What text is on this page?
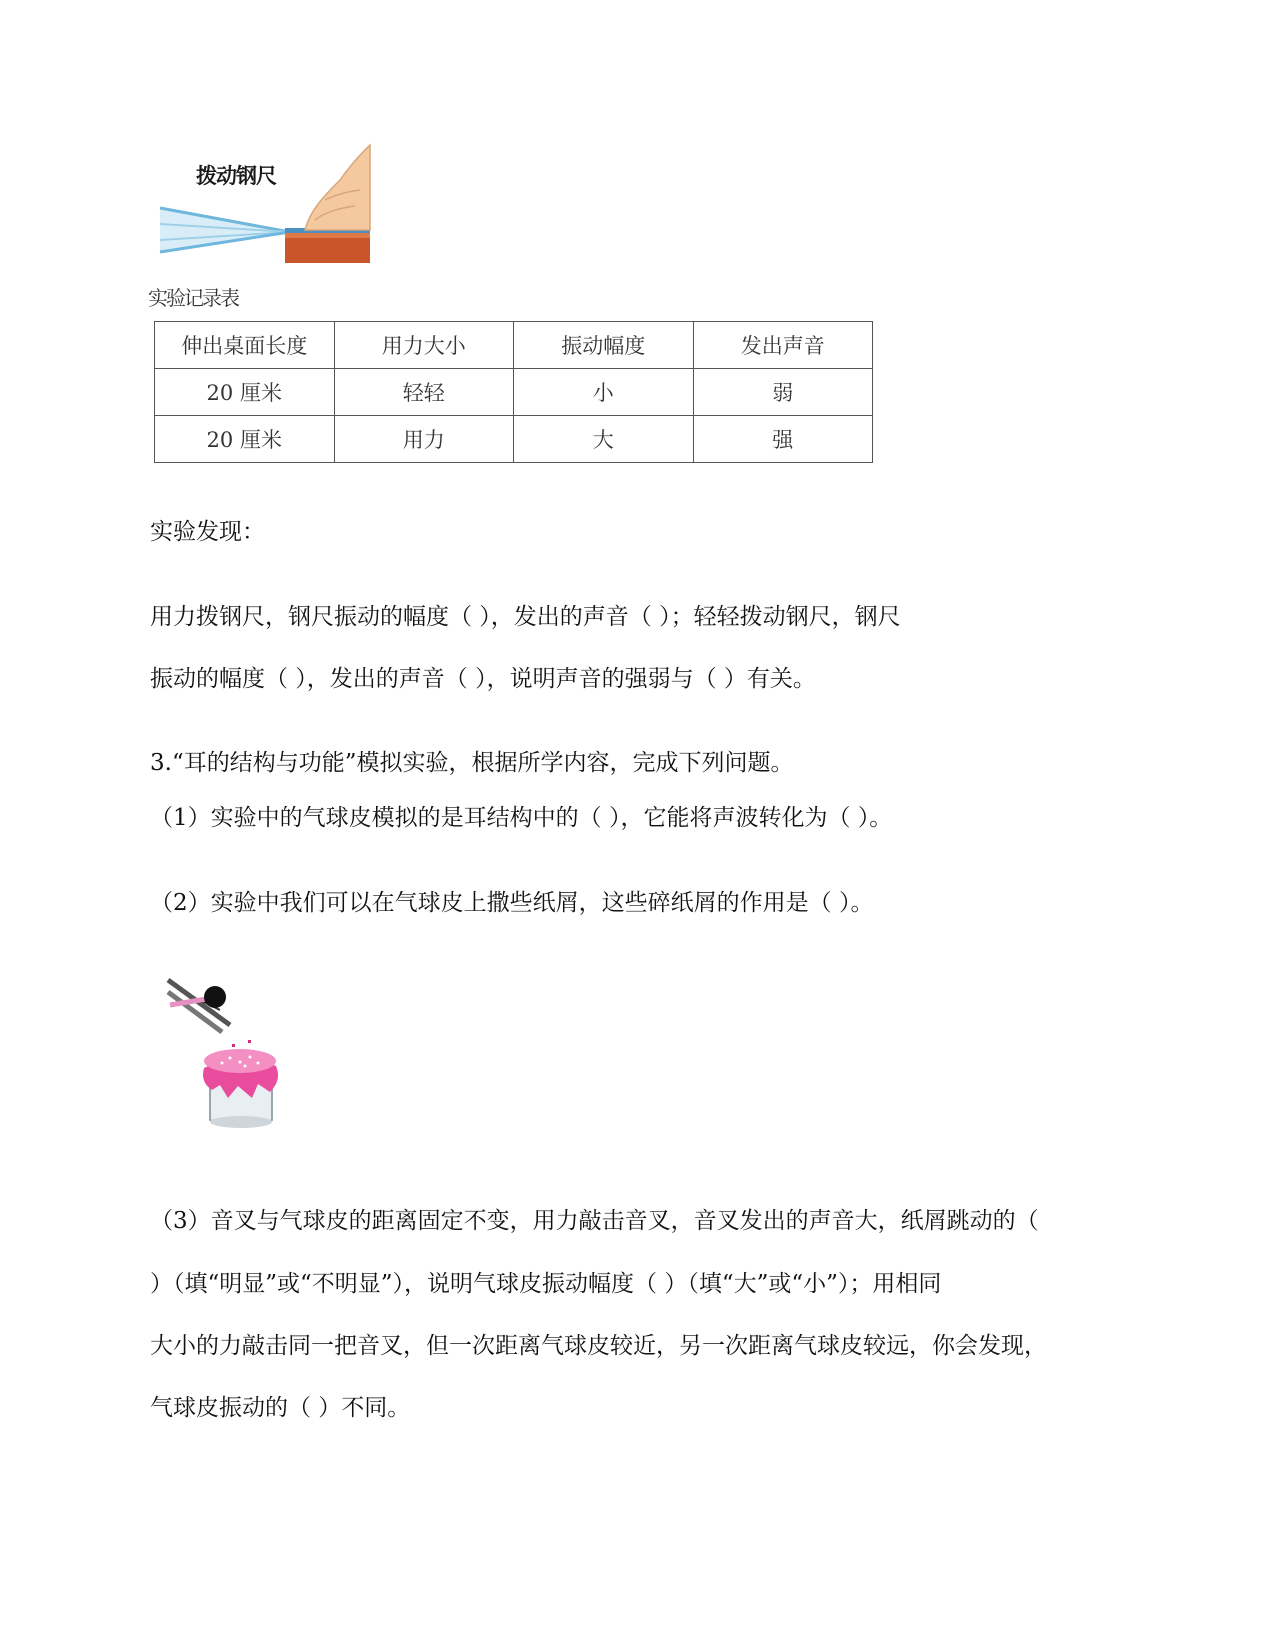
拨动钢尺
实验记录表
伸出桌面长度	用力大小	振动幅度	发出声音
20 厘米	轻轻	小	弱
20 厘米	用力	大	强
实验发现：
用力拨钢尺，钢尺振动的幅度（ ），发出的声音（ ）；轻轻拨动钢尺，钢尺
振动的幅度（ ），发出的声音（ ），说明声音的强弱与（ ）有关。
3.“耳的结构与功能”模拟实验，根据所学内容，完成下列问题。
（1）实验中的气球皮模拟的是耳结构中的（ ），它能将声波转化为（ ）。
（2）实验中我们可以在气球皮上撒些纸屑，这些碎纸屑的作用是（ ）。
（3）音叉与气球皮的距离固定不变，用力敲击音叉，音叉发出的声音大，纸屑跳动的（
）（填“明显”或“不明显”），说明气球皮振动幅度（ ）（填“大”或“小”）；用相同
大小的力敲击同一把音叉，但一次距离气球皮较近，另一次距离气球皮较远，你会发现，
气球皮振动的（ ）不同。
